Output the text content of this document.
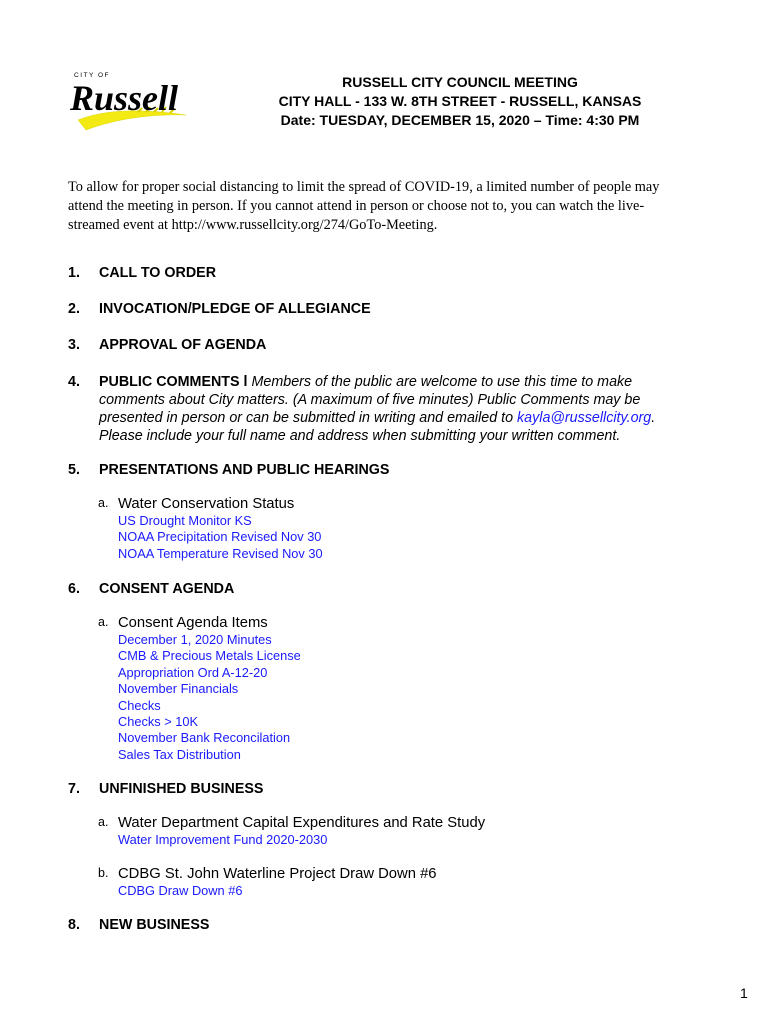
CITY OF
Russell	RUSSELL CITY COUNCIL MEETING
CITY HALL - 133 W. 8TH STREET - RUSSELL, KANSAS
Date: TUESDAY, DECEMBER 15, 2020 – Time: 4:30 PM
To allow for proper social distancing to limit the spread of COVID-19, a limited number of people may
attend the meeting in person. If you cannot attend in person or choose not to, you can watch the live-
streamed event at http://www.russellcity.org/274/GoTo-Meeting.
1. CALL TO ORDER
2. INVOCATION/PLEDGE OF ALLEGIANCE
3. APPROVAL OF AGENDA
4. PUBLIC COMMENTS l Members of the public are welcome to use this time to make
comments about City matters. (A maximum of five minutes) Public Comments may be
presented in person or can be submitted in writing and emailed to kayla@russellcity.org.
Please include your full name and address when submitting your written comment.
5. PRESENTATIONS AND PUBLIC HEARINGS
a. Water Conservation Status
US Drought Monitor KS
NOAA Precipitation Revised Nov 30
NOAA Temperature Revised Nov 30
6. CONSENT AGENDA
a. Consent Agenda Items
December 1, 2020 Minutes
CMB & Precious Metals License
Appropriation Ord A-12-20
November Financials
Checks
Checks > 10K
November Bank Reconcilation
Sales Tax Distribution
7. UNFINISHED BUSINESS
a. Water Department Capital Expenditures and Rate Study
Water Improvement Fund 2020-2030
b. CDBG St. John Waterline Project Draw Down #6
CDBG Draw Down #6
8. NEW BUSINESS
1
